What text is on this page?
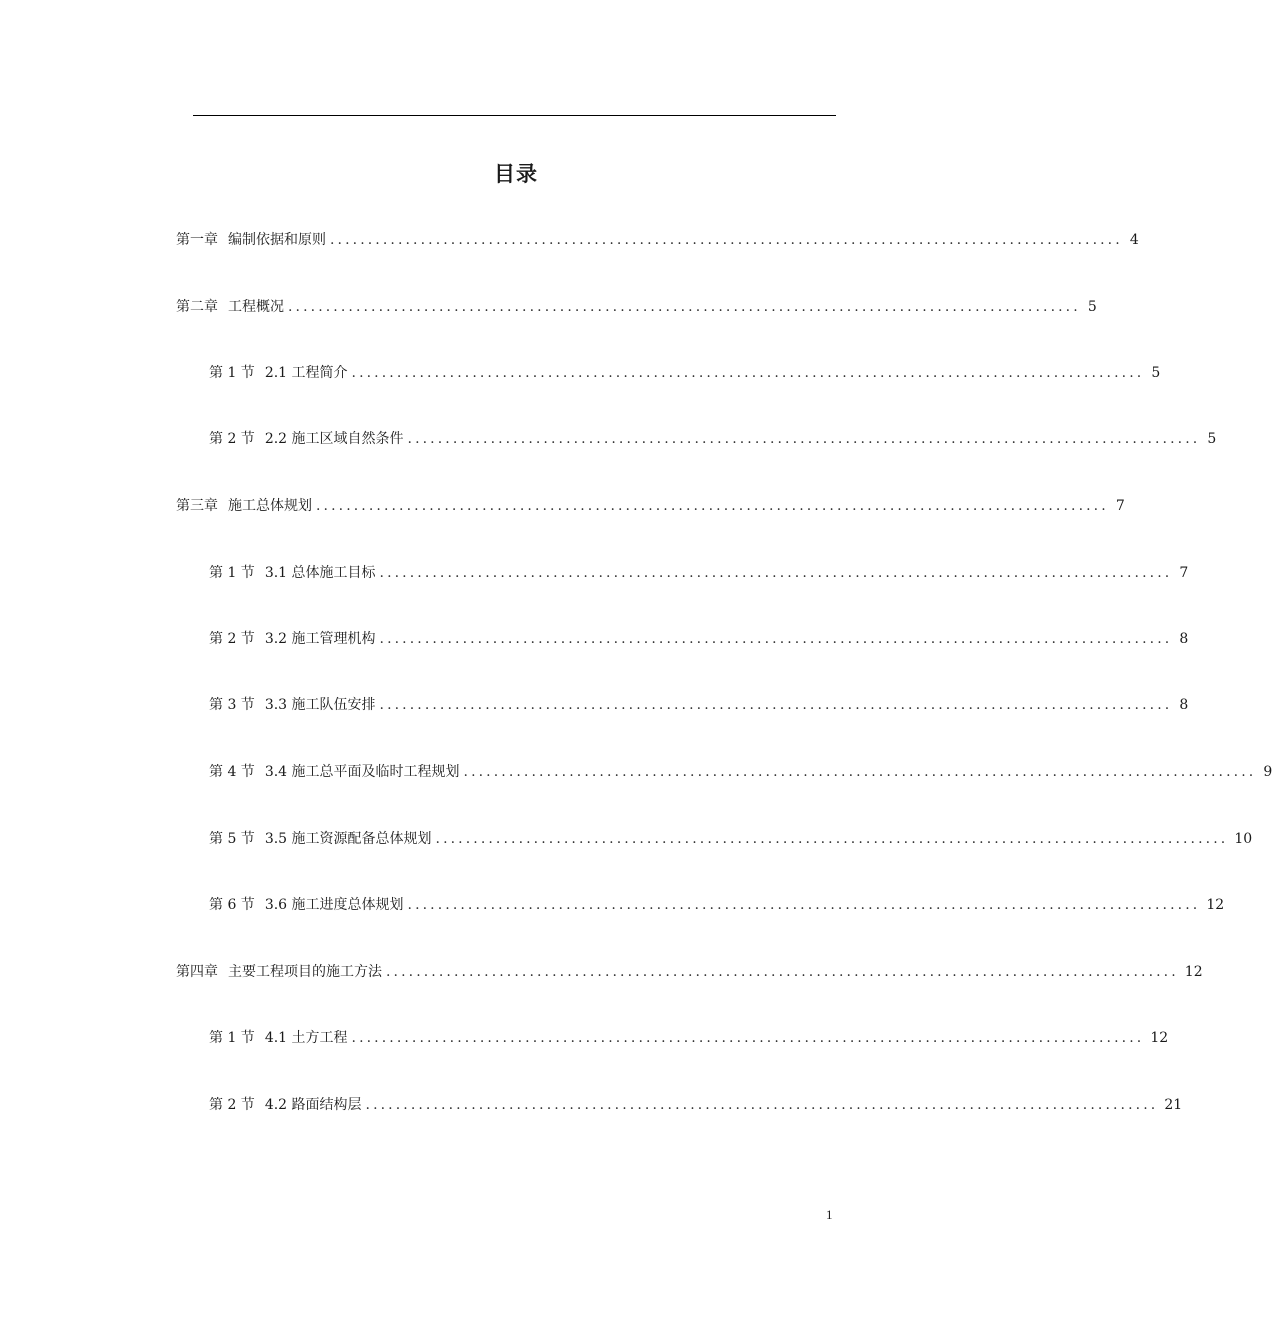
目录
第一章 编制依据和原则 ......................................................................................................... 4
第二章 工程概况 ......................................................................................................... 5
第 1 节 2.1 工程简介 ......................................................................................................... 5
第 2 节 2.2 施工区域自然条件 ......................................................................................................... 5
第三章 施工总体规划 ......................................................................................................... 7
第 1 节 3.1 总体施工目标 ......................................................................................................... 7
第 2 节 3.2 施工管理机构 ......................................................................................................... 8
第 3 节 3.3 施工队伍安排 ......................................................................................................... 8
第 4 节 3.4 施工总平面及临时工程规划 ......................................................................................................... 9
第 5 节 3.5 施工资源配备总体规划 ......................................................................................................... 10
第 6 节 3.6 施工进度总体规划 ......................................................................................................... 12
第四章 主要工程项目的施工方法 ......................................................................................................... 12
第 1 节 4.1 土方工程 ......................................................................................................... 12
第 2 节 4.2 路面结构层 ......................................................................................................... 21
1
